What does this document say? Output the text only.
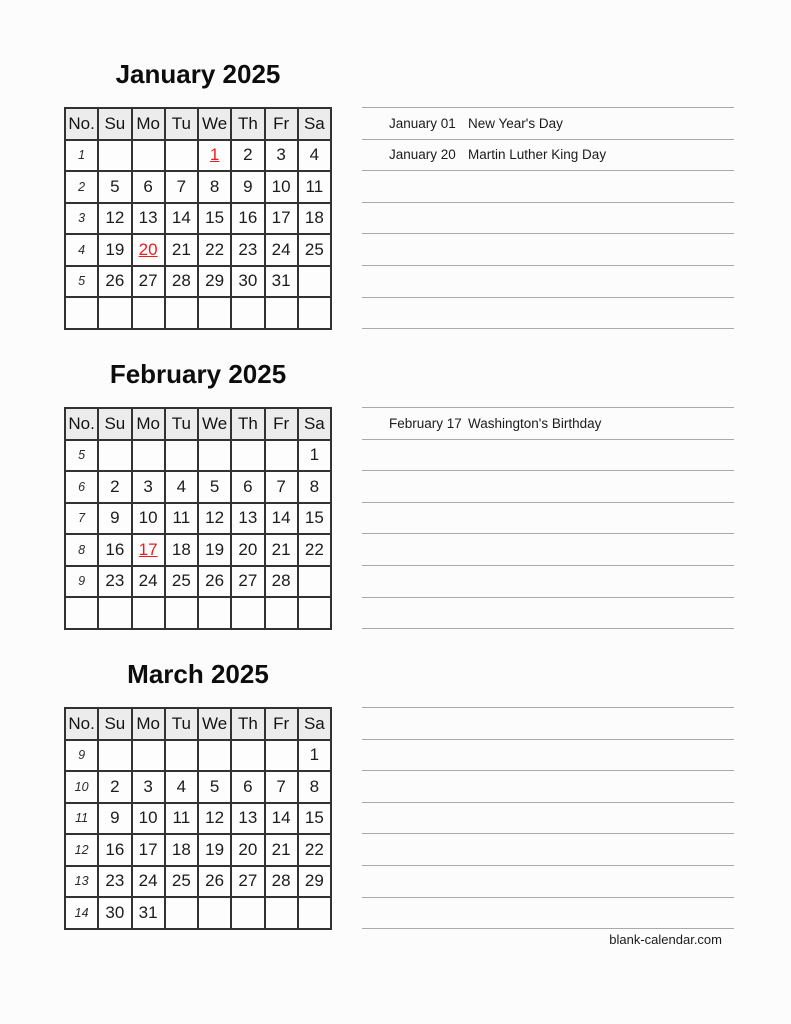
January 2025
No.	Su	Mo	Tu	We	Th	Fr	Sa
1				1	2	3	4
2	5	6	7	8	9	10	11
3	12	13	14	15	16	17	18
4	19	20	21	22	23	24	25
5	26	27	28	29	30	31	

January 01 New Year's Day
January 20 Martin Luther King Day
February 2025
No.	Su	Mo	Tu	We	Th	Fr	Sa
5							1
6	2	3	4	5	6	7	8
7	9	10	11	12	13	14	15
8	16	17	18	19	20	21	22
9	23	24	25	26	27	28	

February 17 Washington's Birthday
March 2025
No.	Su	Mo	Tu	We	Th	Fr	Sa
9							1
10	2	3	4	5	6	7	8
11	9	10	11	12	13	14	15
12	16	17	18	19	20	21	22
13	23	24	25	26	27	28	29
14	30	31					
blank-calendar.com
